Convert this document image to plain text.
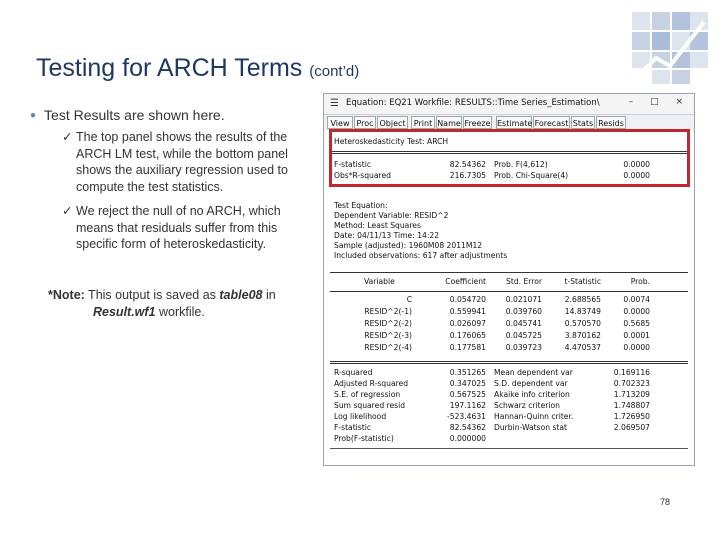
Testing for ARCH Terms (cont’d)
● Test Results are shown here.
✓ The top panel shows the results of the ARCH LM test, while the bottom panel shows the auxiliary regression used to compute the test statistics.
✓ We reject the null of no ARCH, which means that residuals suffer from this specific form of heteroskedasticity.
*Note: This output is saved as table08 in
Result.wf1 workfile.
☰ Equation: EQ21 Workfile: RESULTS::Time Series_Estimation\	– □ ×
View Proc Object	Print Name Freeze Estimate Forecast Stats Resids
Heteroskedasticity Test: ARCH
F-statistic	82.54362 Prob. F(4,612)	0.0000
Obs*R-squared	216.7305 Prob. Chi-Square(4)	0.0000
Test Equation:
Dependent Variable: RESID^2
Method: Least Squares
Date: 04/11/13 Time: 14:22
Sample (adjusted): 1960M08 2011M12
Included observations: 617 after adjustments
Variable	Coefficient	Std. Error	t-Statistic	Prob.
C	0.054720	0.021071	2.688565	0.0074
RESID^2(-1)	0.559941	0.039760	14.83749	0.0000
RESID^2(-2)	0.026097	0.045741	0.570570	0.5685
RESID^2(-3)	0.176065	0.045725	3.870162	0.0001
RESID^2(-4)	0.177581	0.039723	4.470537	0.0000
R-squared	0.351265 Mean dependent var	0.169116
Adjusted R-squared	0.347025 S.D. dependent var	0.702323
S.E. of regression	0.567525 Akaike info criterion	1.713209
Sum squared resid	197.1162 Schwarz criterion	1.748807
Log likelihood	-523.4631 Hannan-Quinn criter.	1.726950
F-statistic	82.54362 Durbin-Watson stat	2.069507
Prob(F-statistic)	0.000000
78
